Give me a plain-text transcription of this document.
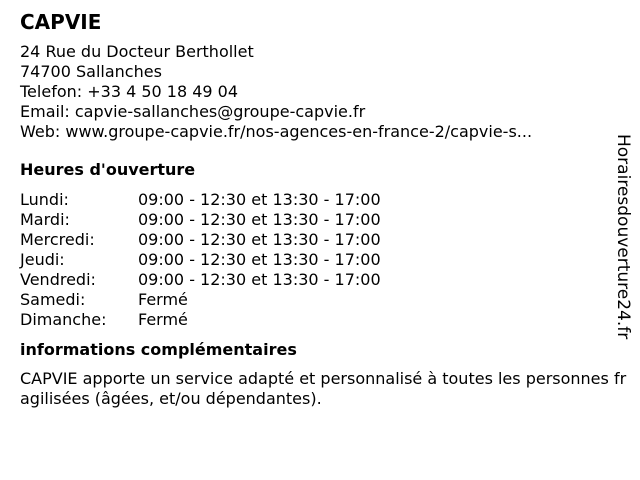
CAPVIE
24 Rue du Docteur Berthollet
74700 Sallanches
Telefon: +33 4 50 18 49 04
Email: capvie-sallanches@groupe-capvie.fr
Web: www.groupe-capvie.fr/nos-agences-en-france-2/capvie-s...
Heures d'ouverture
Lundi:	09:00 - 12:30 et 13:30 - 17:00
Mardi:	09:00 - 12:30 et 13:30 - 17:00
Mercredi:	09:00 - 12:30 et 13:30 - 17:00
Jeudi:	09:00 - 12:30 et 13:30 - 17:00
Vendredi:	09:00 - 12:30 et 13:30 - 17:00
Samedi:	Fermé
Dimanche:	Fermé
informations complémentaires
CAPVIE apporte un service adapté et personnalisé à toutes les personnes fragilisées (âgées, et/ou dépendantes).
Horairesdouverture24.fr
